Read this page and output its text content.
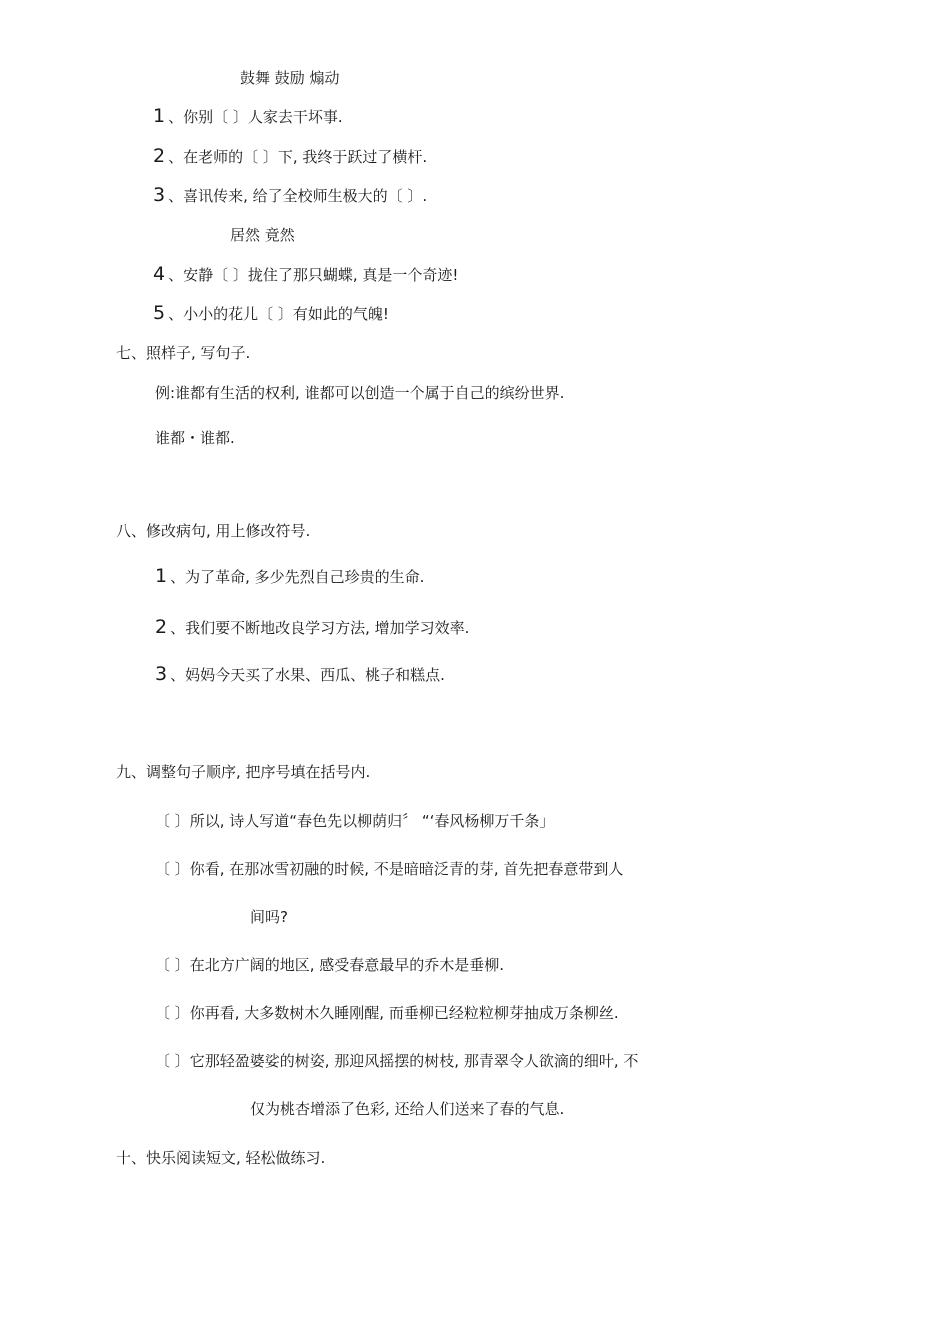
鼓舞 鼓励 煽动
1 、你别〔 〕人家去干坏事.
2 、在老师的〔 〕下, 我终于跃过了横杆.
3 、喜讯传来, 给了全校师生极大的〔 〕.
居然 竟然
4 、安静〔 〕拢住了那只蝴蝶, 真是一个奇迹!
5 、小小的花儿〔 〕有如此的气魄!
七、照样子, 写句子.
例:谁都有生活的权利, 谁都可以创造一个属于自己的缤纷世界.
谁都・谁都.
八、修改病句, 用上修改符号.
1 、为了革命, 多少先烈自己珍贵的生命.
2 、我们要不断地改良学习方法, 增加学习效率.
3 、妈妈今天买了水果、西瓜、桃子和糕点.
九、调整句子顺序, 把序号填在括号内.
〔 〕所以, 诗人写道“春色先以柳荫归〞 “‘春风杨柳万千条」
〔 〕你看, 在那冰雪初融的时候, 不是暗暗泛青的芽, 首先把春意带到人
间吗?
〔 〕在北方广阔的地区, 感受春意最早的乔木是垂柳.
〔 〕你再看, 大多数树木久睡刚醒, 而垂柳已经粒粒柳芽抽成万条柳丝.
〔 〕它那轻盈婆娑的树姿, 那迎风摇摆的树枝, 那青翠令人欲滴的细叶, 不
仅为桃杏增添了色彩, 还给人们送来了春的气息.
十、快乐阅读短文, 轻松做练习.
